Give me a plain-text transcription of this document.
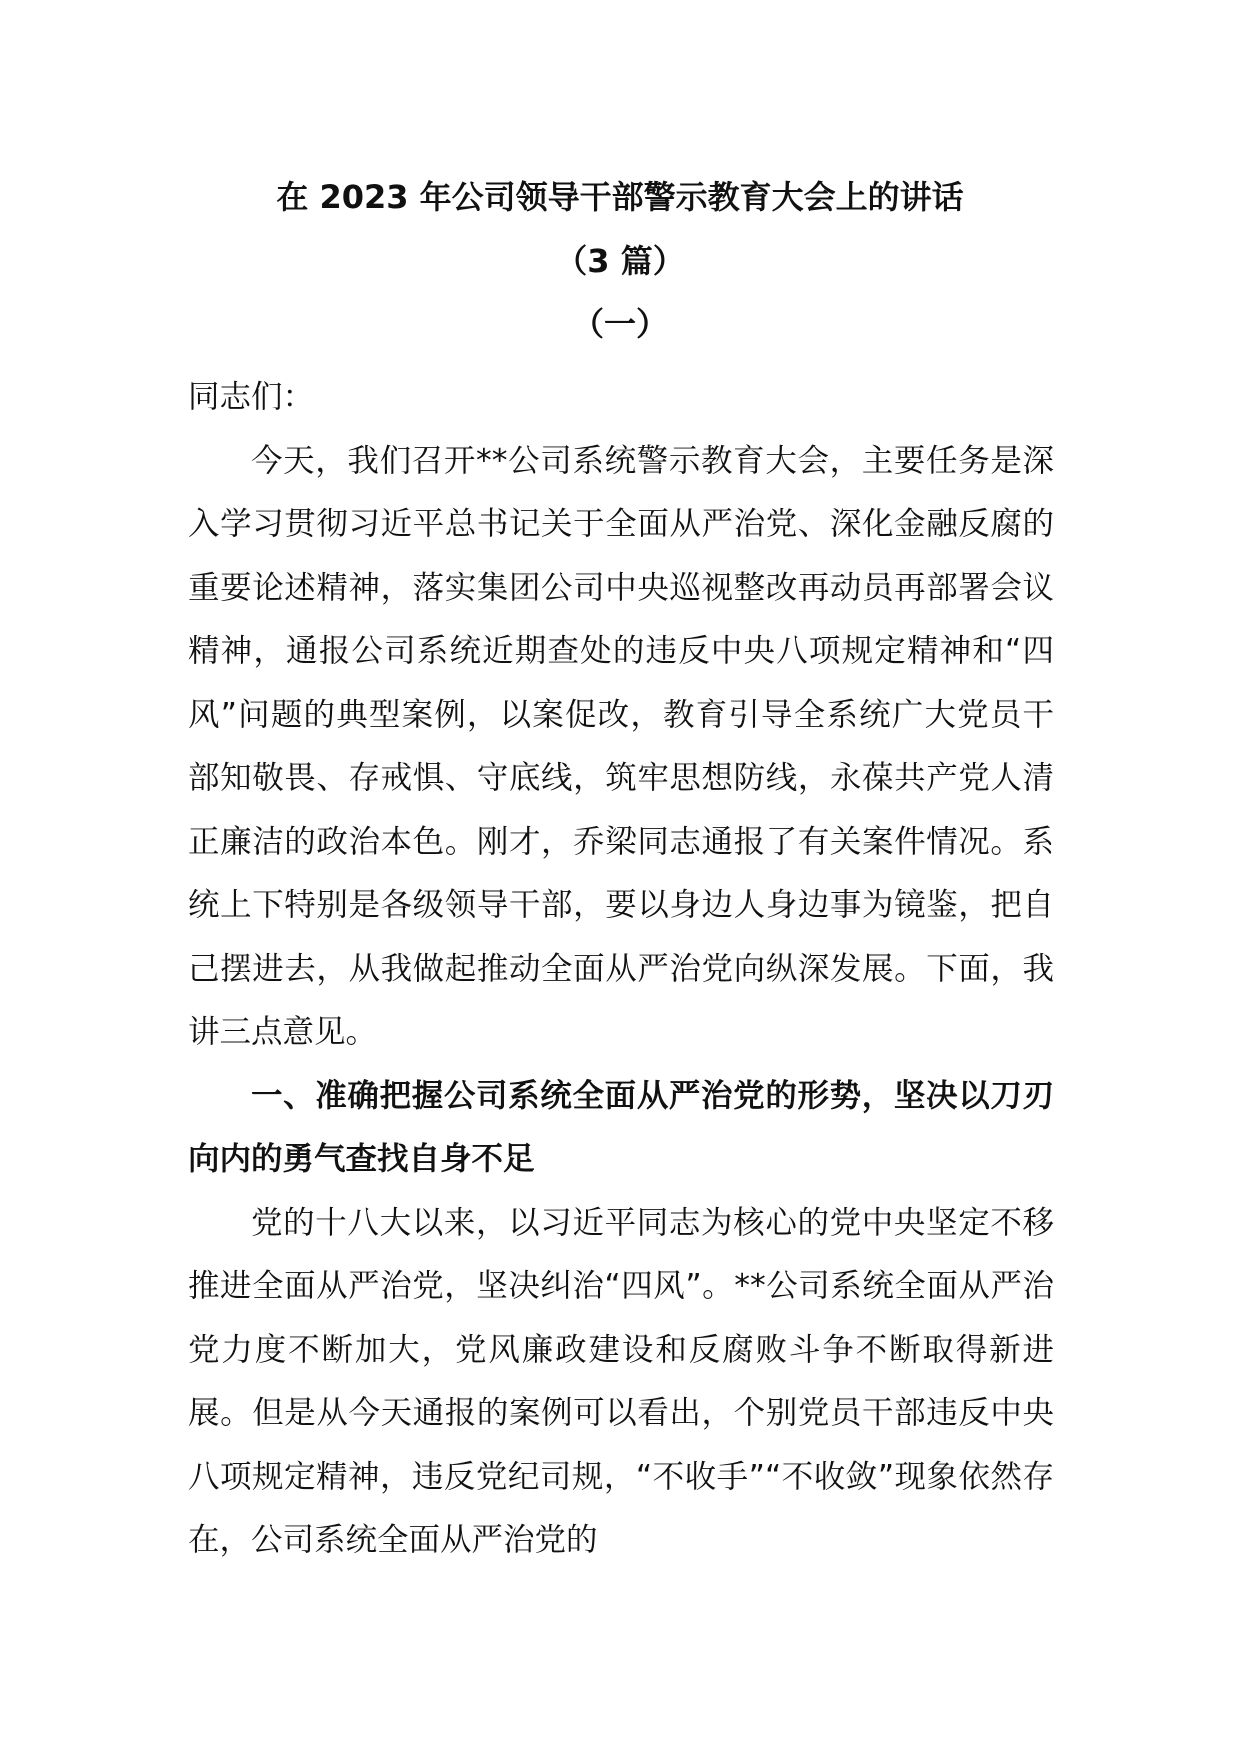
在 2023 年公司领导干部警示教育大会上的讲话
（3 篇）
（一）

同志们：

今天，我们召开**公司系统警示教育大会，主要任务是深入学习贯彻习近平总书记关于全面从严治党、深化金融反腐的重要论述精神，落实集团公司中央巡视整改再动员再部署会议精神，通报公司系统近期查处的违反中央八项规定精神和“四风”问题的典型案例，以案促改，教育引导全系统广大党员干部知敬畏、存戒惧、守底线，筑牢思想防线，永葆共产党人清正廉洁的政治本色。刚才，乔梁同志通报了有关案件情况。系统上下特别是各级领导干部，要以身边人身边事为镜鉴，把自己摆进去，从我做起推动全面从严治党向纵深发展。下面，我讲三点意见。

一、准确把握公司系统全面从严治党的形势，坚决以刀刃向内的勇气查找自身不足

党的十八大以来，以习近平同志为核心的党中央坚定不移推进全面从严治党，坚决纠治“四风”。**公司系统全面从严治党力度不断加大，党风廉政建设和反腐败斗争不断取得新进展。但是从今天通报的案例可以看出，个别党员干部违反中央八项规定精神，违反党纪司规，“不收手”“不收敛”现象依然存在，公司系统全面从严治党的
